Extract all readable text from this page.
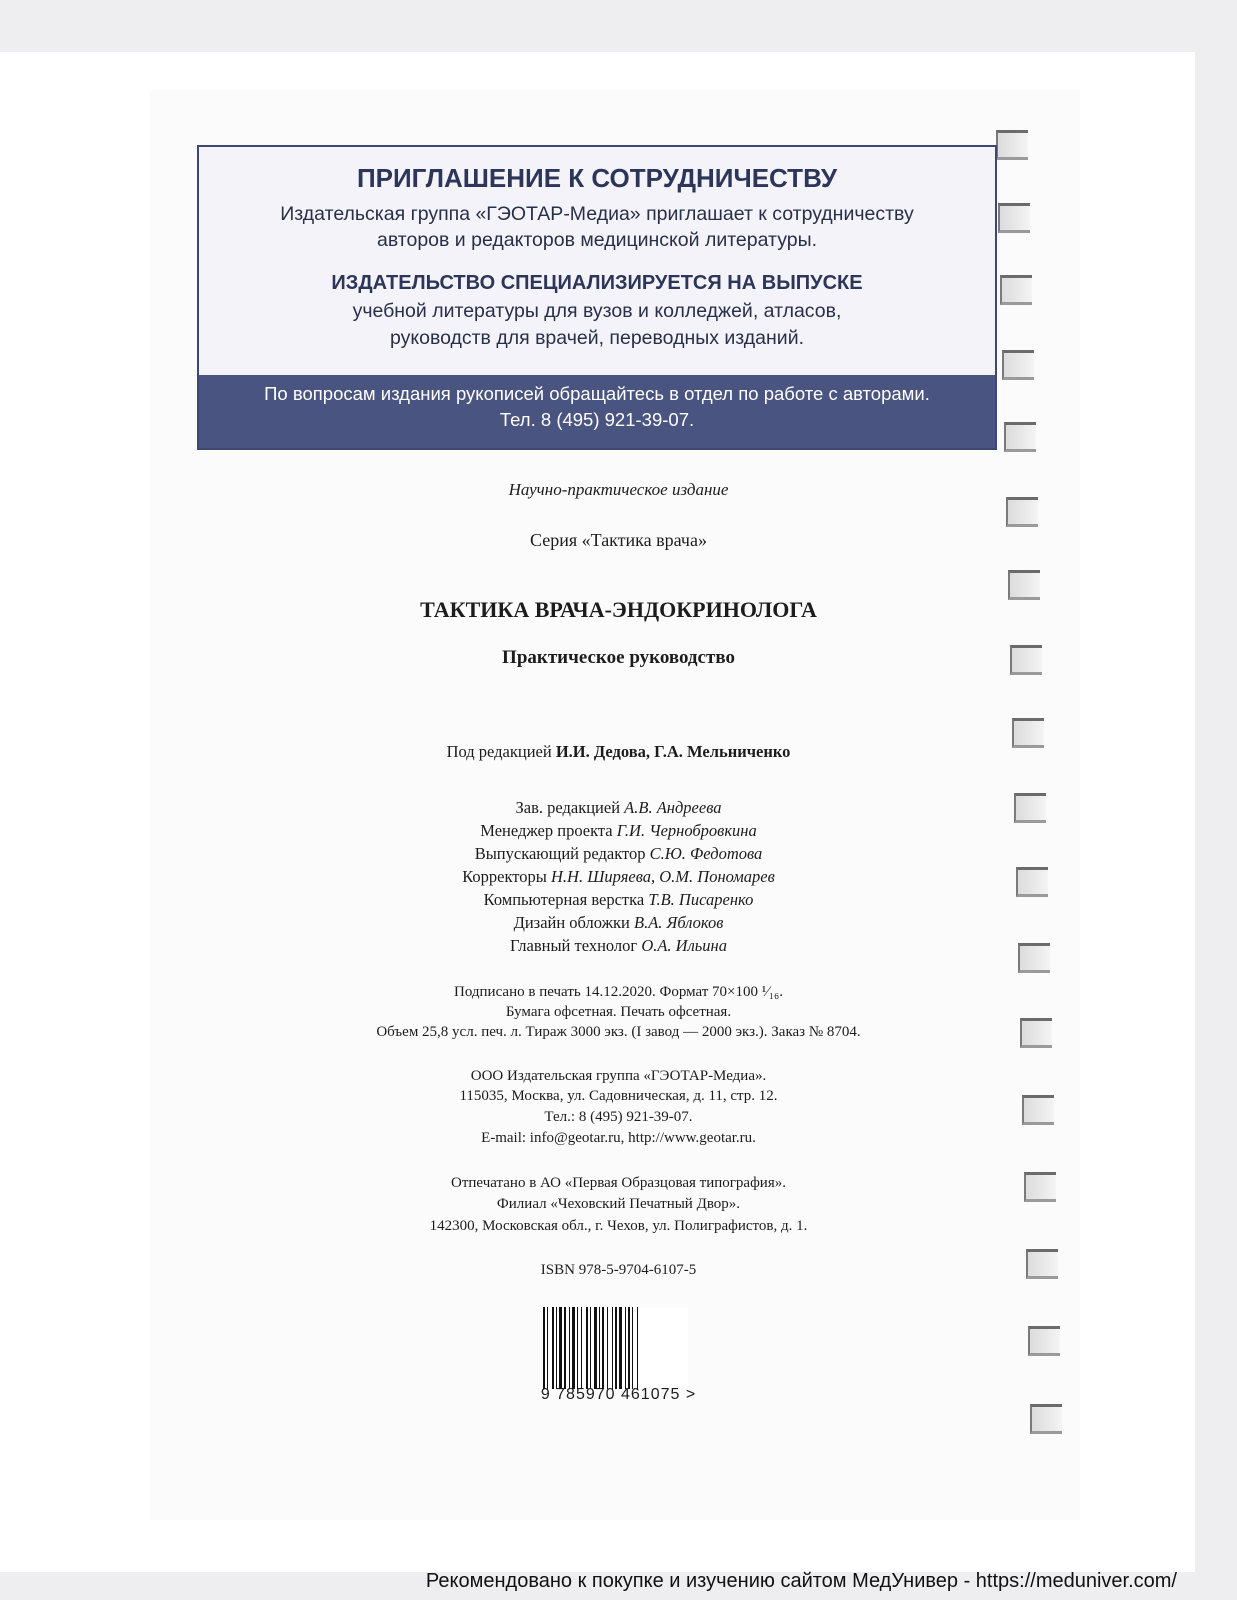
ПРИГЛАШЕНИЕ К СОТРУДНИЧЕСТВУ
Издательская группа «ГЭОТАР-Медиа» приглашает к сотрудничеству
авторов и редакторов медицинской литературы.
ИЗДАТЕЛЬСТВО СПЕЦИАЛИЗИРУЕТСЯ НА ВЫПУСКЕ
учебной литературы для вузов и колледжей, атласов,
руководств для врачей, переводных изданий.
По вопросам издания рукописей обращайтесь в отдел по работе с авторами.
Тел. 8 (495) 921-39-07.
Научно-практическое издание
Серия «Тактика врача»
ТАКТИКА ВРАЧА-ЭНДОКРИНОЛОГА
Практическое руководство
Под редакцией И.И. Дедова, Г.А. Мельниченко
Зав. редакцией А.В. Андреева
Менеджер проекта Г.И. Чернобровкина
Выпускающий редактор С.Ю. Федотова
Корректоры Н.Н. Ширяева, О.М. Пономарев
Компьютерная верстка Т.В. Писаренко
Дизайн обложки В.А. Яблоков
Главный технолог О.А. Ильина
Подписано в печать 14.12.2020. Формат 70×100 ¹⁄₁₆.
Бумага офсетная. Печать офсетная.
Объем 25,8 усл. печ. л. Тираж 3000 экз. (I завод — 2000 экз.). Заказ № 8704.
ООО Издательская группа «ГЭОТАР-Медиа».
115035, Москва, ул. Садовническая, д. 11, стр. 12.
Тел.: 8 (495) 921-39-07.
E-mail: info@geotar.ru, http://www.geotar.ru.
Отпечатано в АО «Первая Образцовая типография».
Филиал «Чеховский Печатный Двор».
142300, Московская обл., г. Чехов, ул. Полиграфистов, д. 1.
ISBN 978-5-9704-6107-5
9 785970 461075 >
Рекомендовано к покупке и изучению сайтом МедУнивер - https://meduniver.com/
